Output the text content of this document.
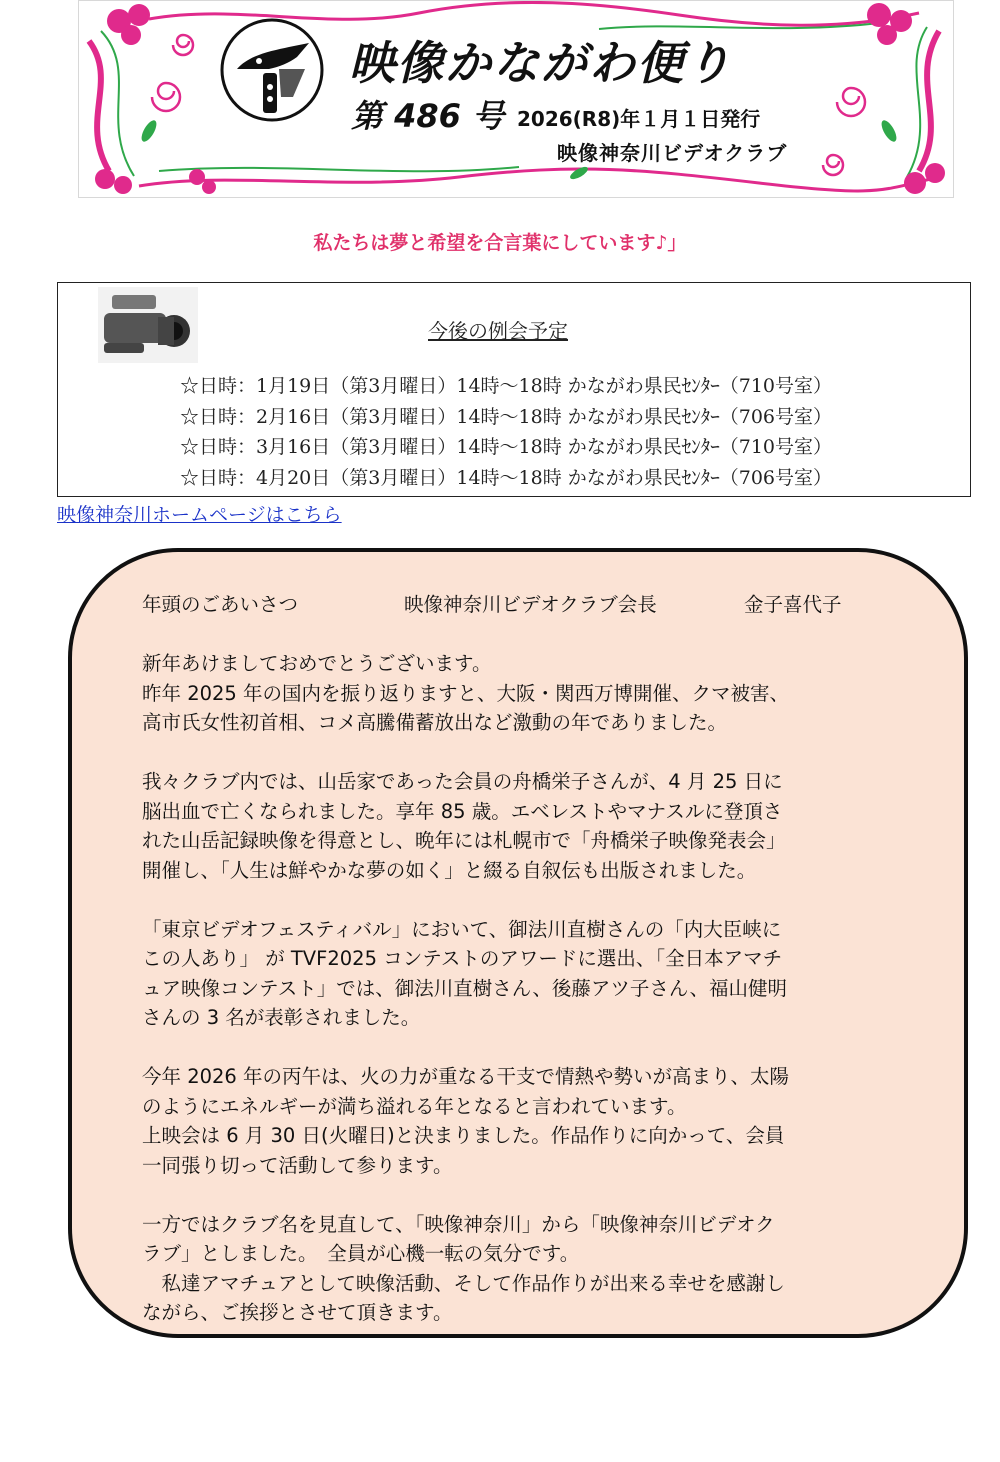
映像かながわ便り
第 486 号 2026(R8)年１月１日発行
映像神奈川ビデオクラブ
私たちは夢と希望を合言葉にしています♪」
今後の例会予定
☆日時：1月19日（第3月曜日）14時～18時 かながわ県民ｾﾝﾀｰ（710号室）
☆日時：2月16日（第3月曜日）14時～18時 かながわ県民ｾﾝﾀｰ（706号室）
☆日時：3月16日（第3月曜日）14時～18時 かながわ県民ｾﾝﾀｰ（710号室）
☆日時：4月20日（第3月曜日）14時～18時 かながわ県民ｾﾝﾀｰ（706号室）
映像神奈川ホームページはこちら
年頭のごあいさつ	映像神奈川ビデオクラブ会長	金子喜代子

新年あけましておめでとうございます。
昨年 2025 年の国内を振り返りますと、大阪・関西万博開催、クマ被害、
高市氏女性初首相、コメ高騰備蓄放出など激動の年でありました。

我々クラブ内では、山岳家であった会員の舟橋栄子さんが、4 月 25 日に
脳出血で亡くなられました。享年 85 歳。エベレストやマナスルに登頂さ
れた山岳記録映像を得意とし、晩年には札幌市で「舟橋栄子映像発表会」
開催し、「人生は鮮やかな夢の如く」と綴る自叙伝も出版されました。

「東京ビデオフェスティバル」において、御法川直樹さんの「内大臣峡に
この人あり」 が TVF2025 コンテストのアワードに選出、「全日本アマチ
ュア映像コンテスト」では、御法川直樹さん、後藤アツ子さん、福山健明
さんの 3 名が表彰されました。

今年 2026 年の丙午は、火の力が重なる干支で情熱や勢いが高まり、太陽
のようにエネルギーが満ち溢れる年となると言われています。
上映会は 6 月 30 日(火曜日)と決まりました。作品作りに向かって、会員
一同張り切って活動して参ります。

一方ではクラブ名を見直して、「映像神奈川」から「映像神奈川ビデオク
ラブ」としました。　全員が心機一転の気分です。
　私達アマチュアとして映像活動、そして作品作りが出来る幸せを感謝し
ながら、ご挨拶とさせて頂きます。
